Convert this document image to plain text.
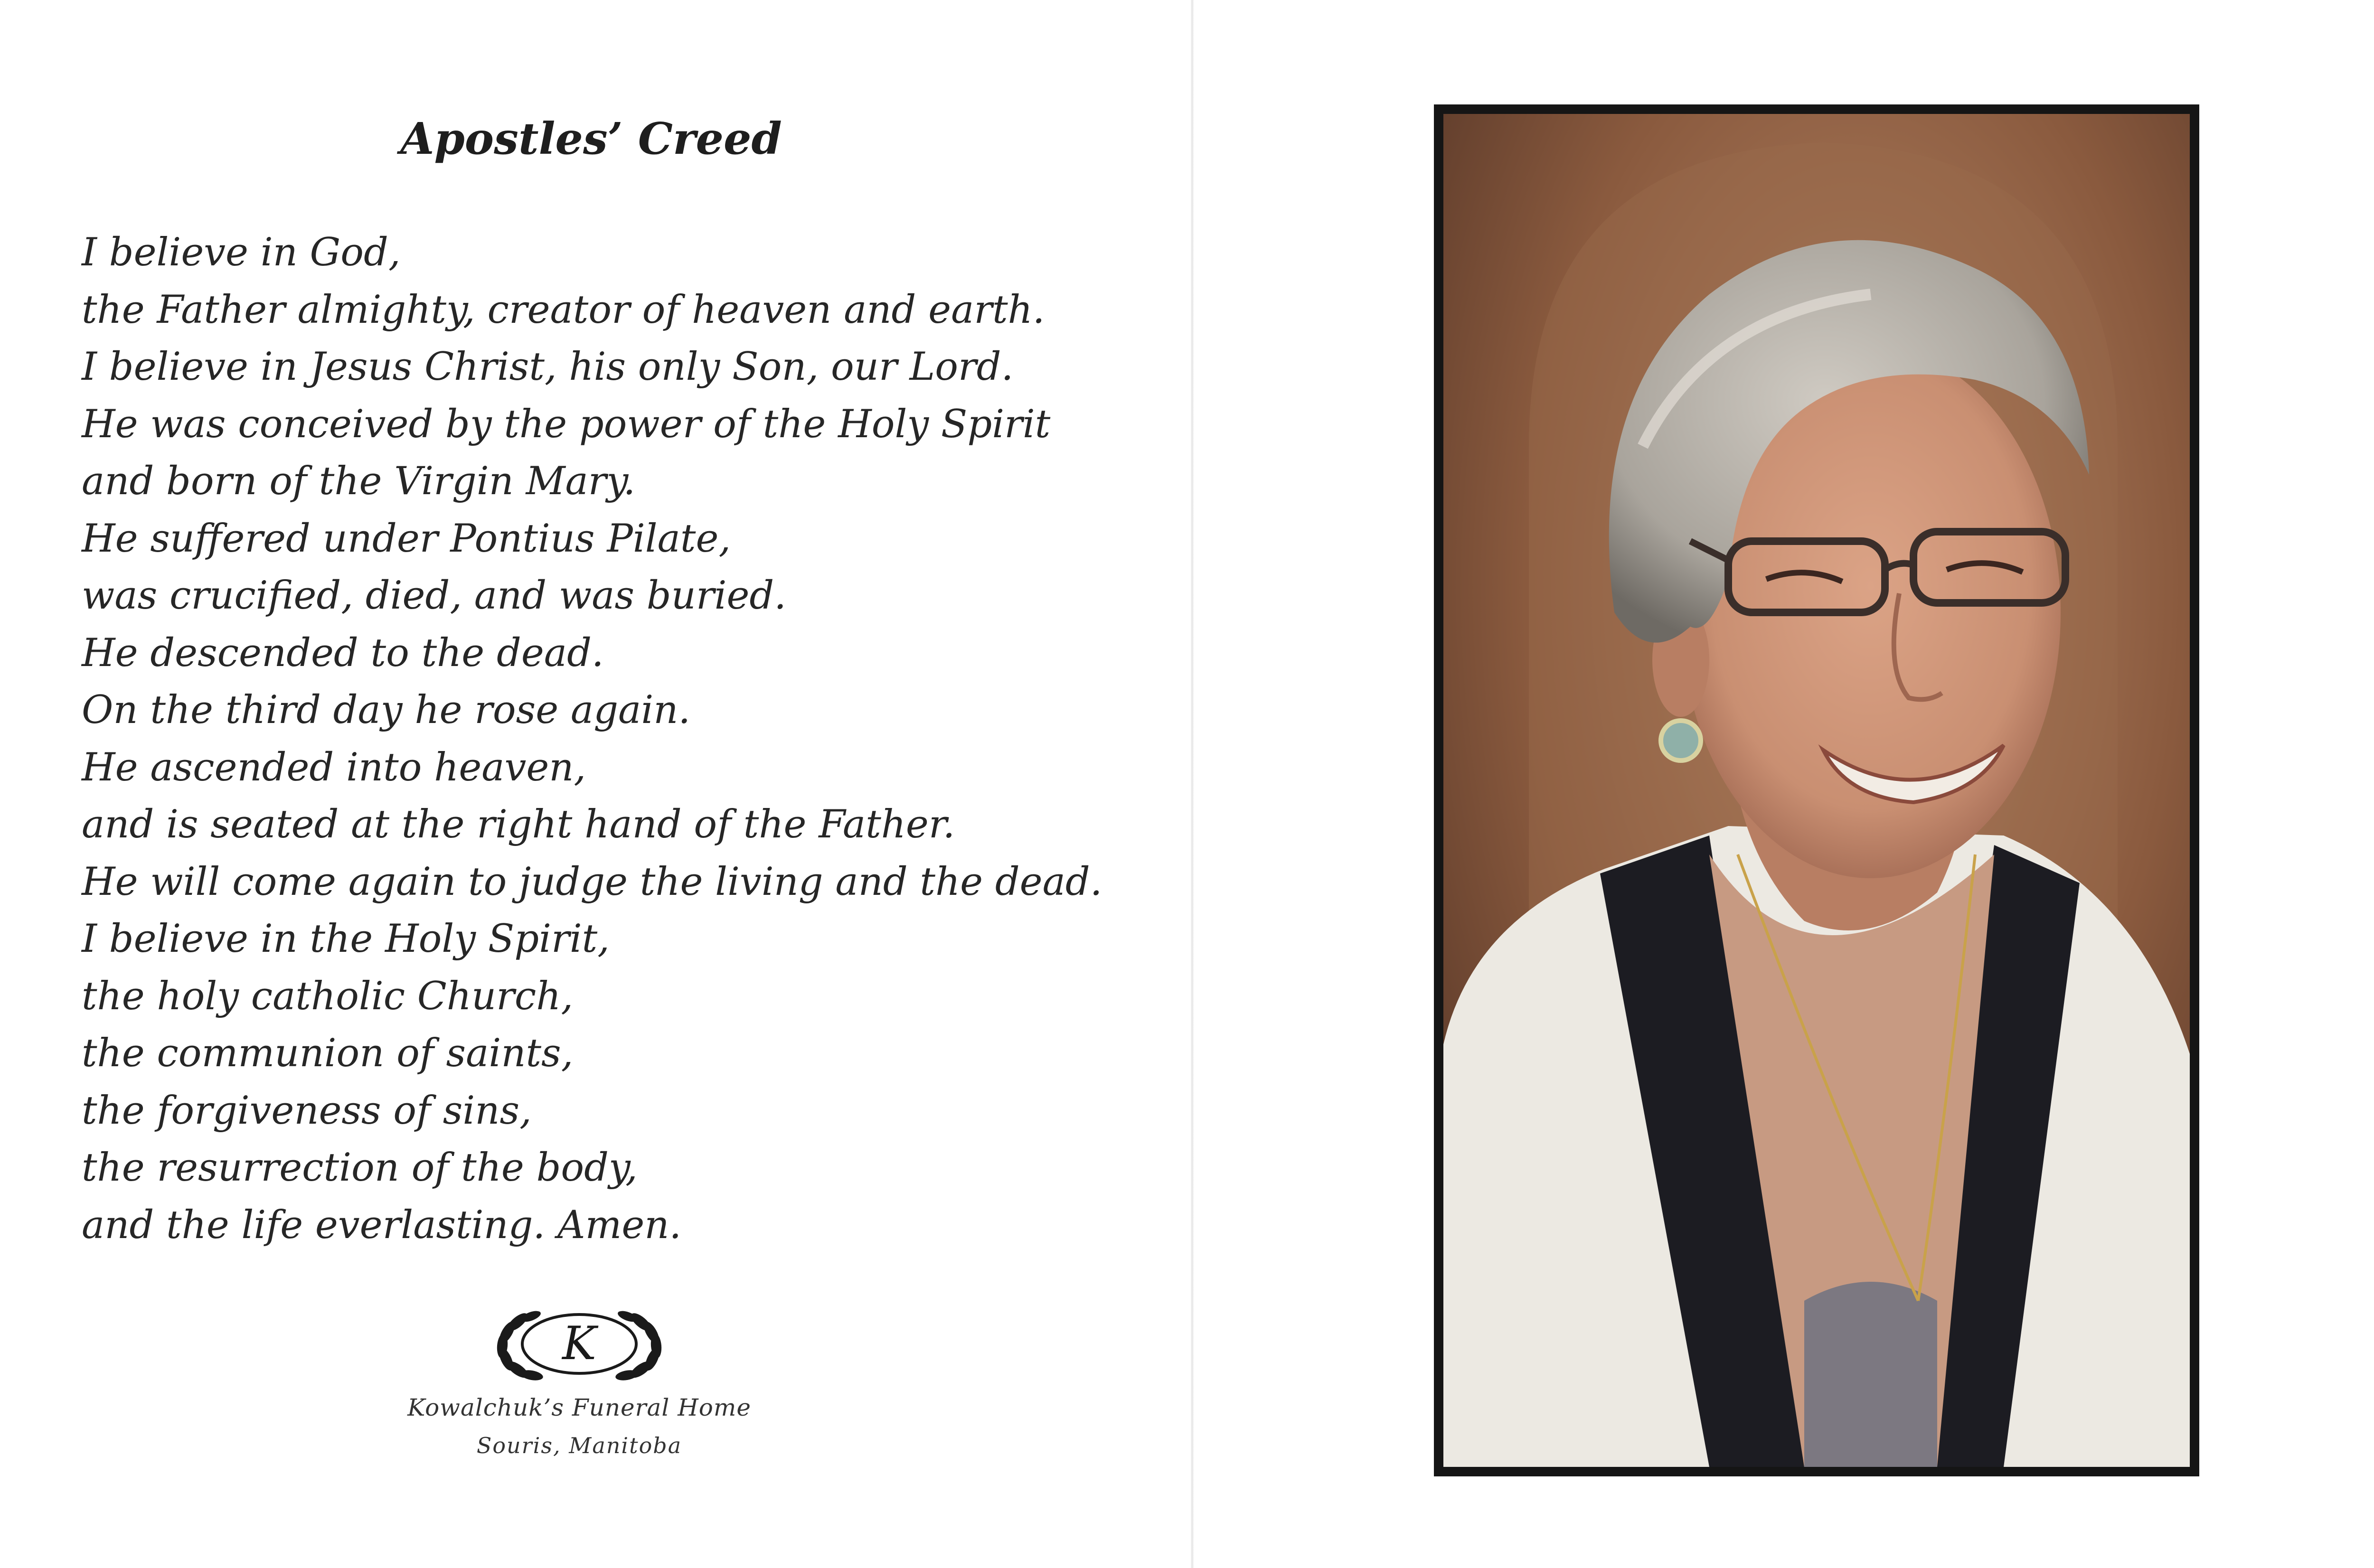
Apostles’ Creed
I believe in God,
the Father almighty, creator of heaven and earth.
I believe in Jesus Christ, his only Son, our Lord.
He was conceived by the power of the Holy Spirit
and born of the Virgin Mary.
He suffered under Pontius Pilate,
was crucified, died, and was buried.
He descended to the dead.
On the third day he rose again.
He ascended into heaven,
and is seated at the right hand of the Father.
He will come again to judge the living and the dead.
I believe in the Holy Spirit,
the holy catholic Church,
the communion of saints,
the forgiveness of sins,
the resurrection of the body,
and the life everlasting. Amen.
K
Kowalchuk’s Funeral Home
Souris, Manitoba
